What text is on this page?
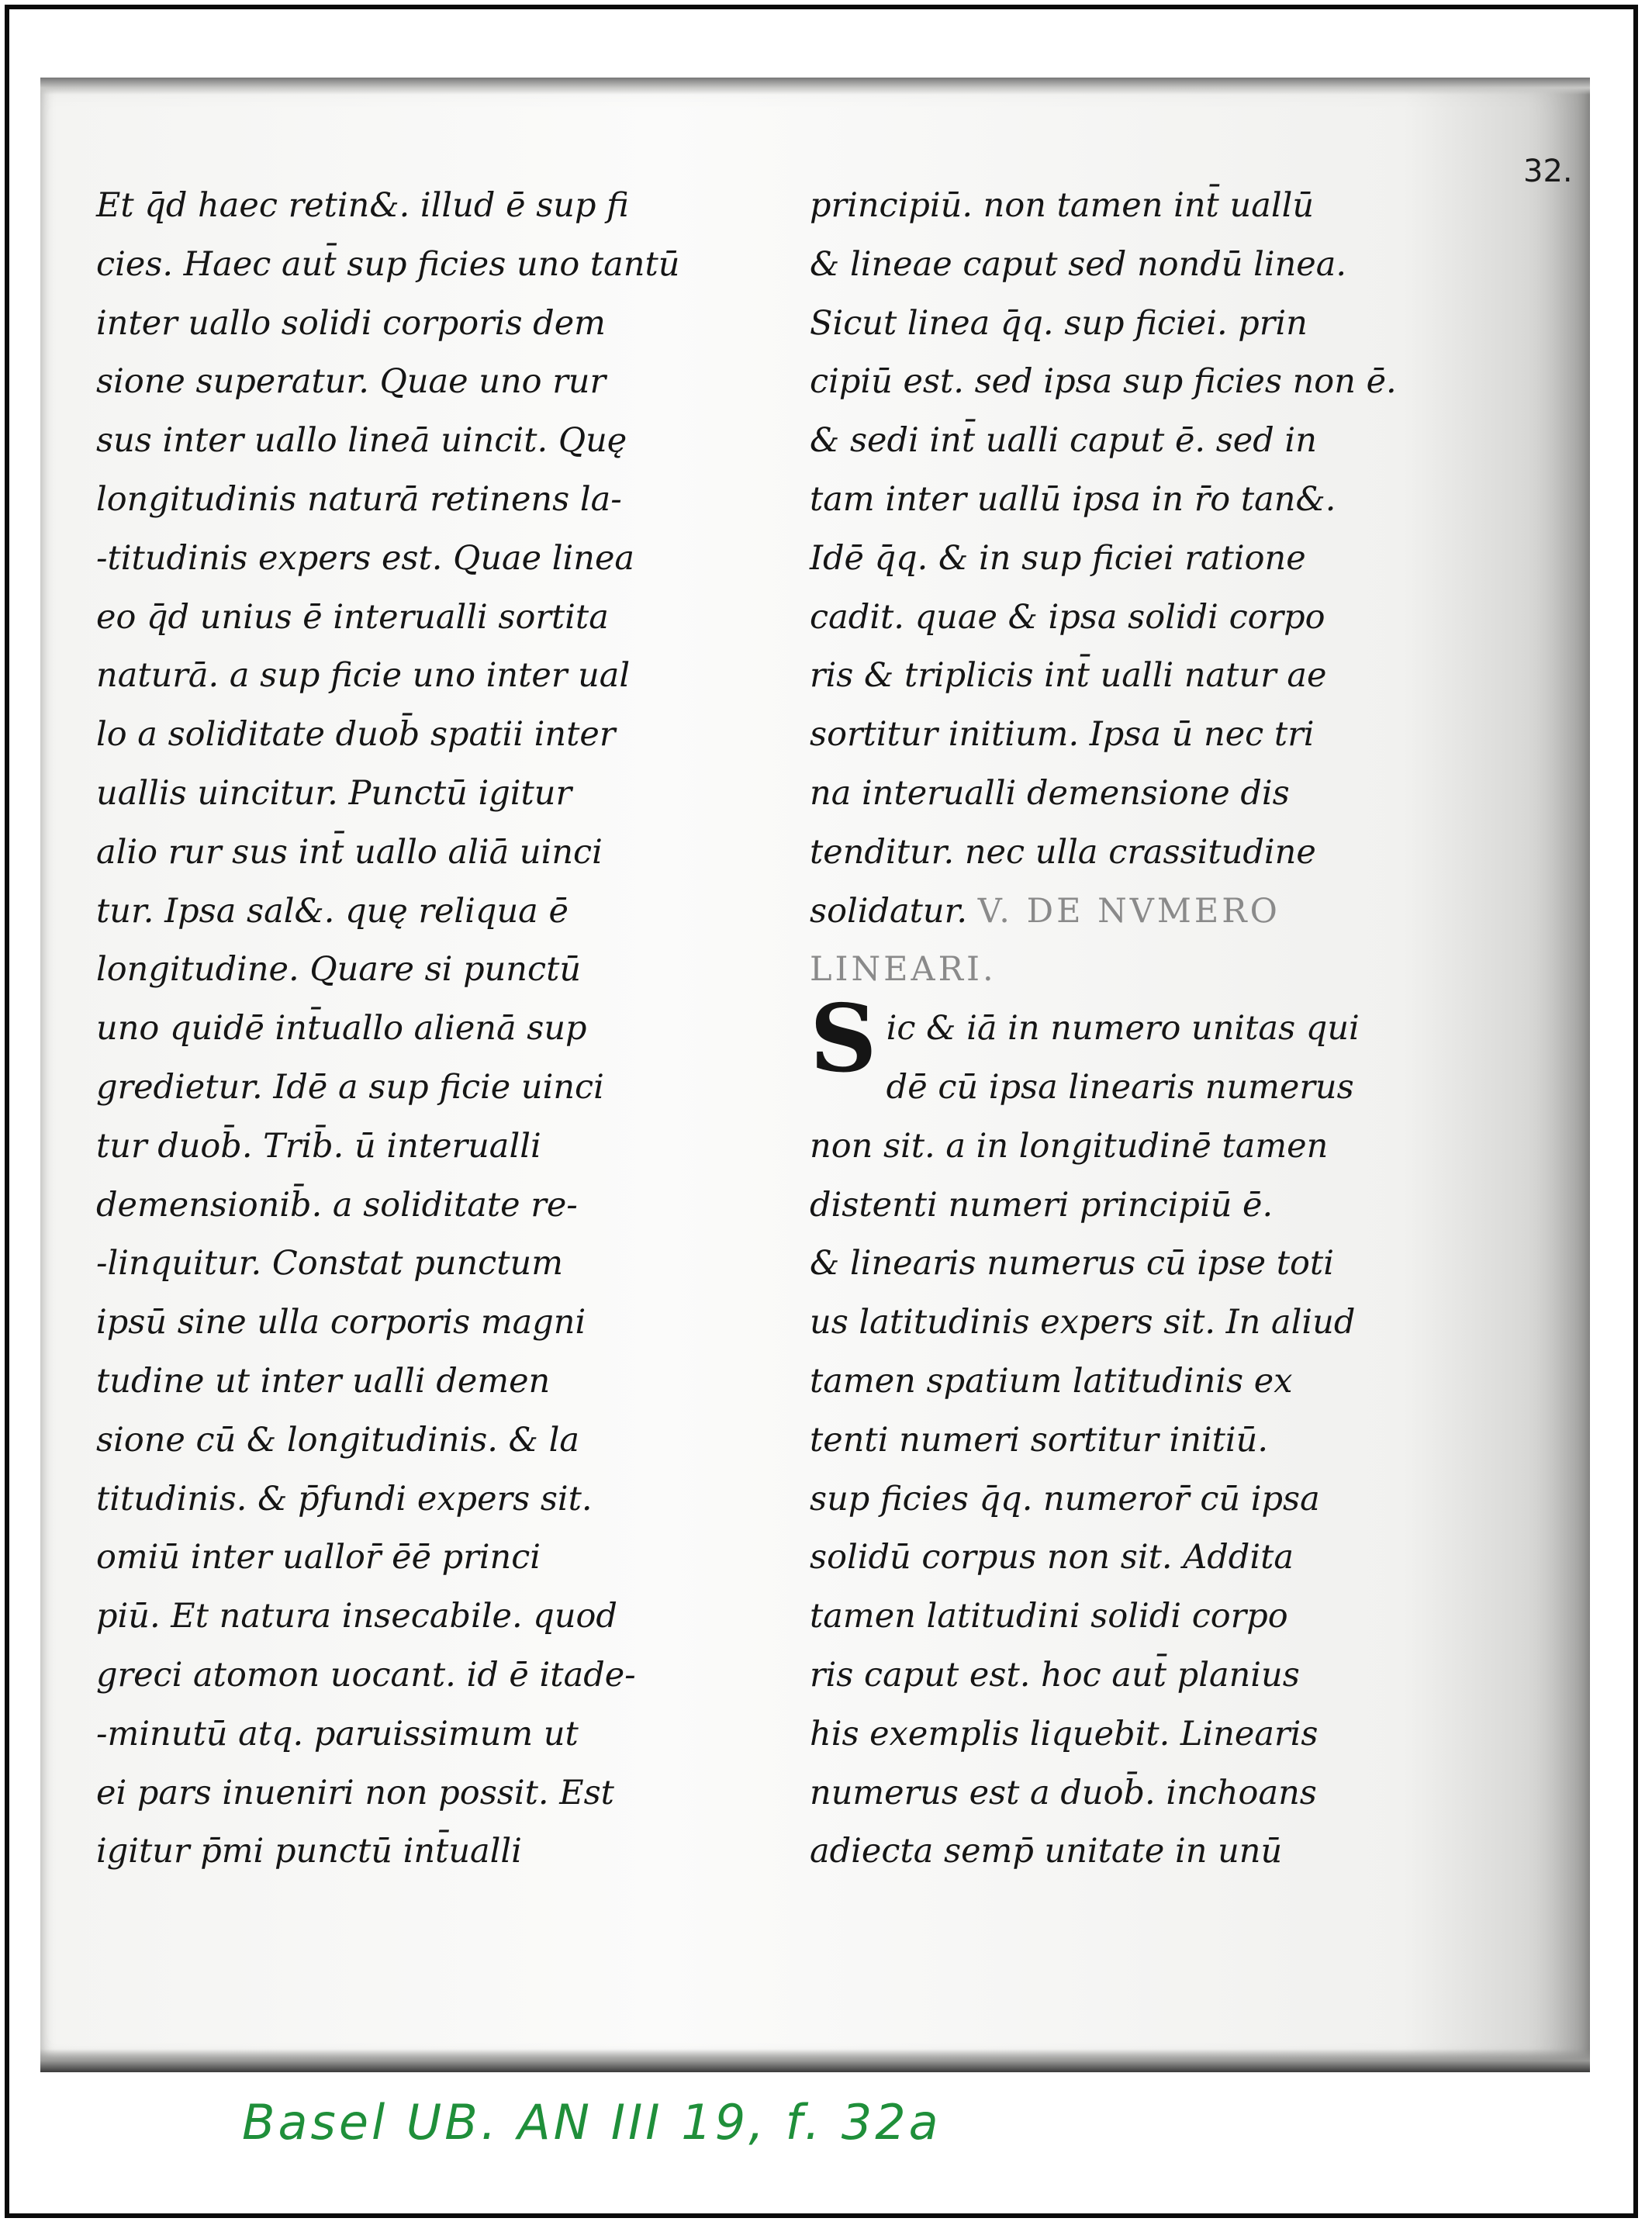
32.
Et q̄d haec retin&. illud ē sup fi
cies. Haec aut̄ sup ficies uno tantū
inter uallo solidi corporis dem
sione superatur. Quae uno rur
sus inter uallo lineā uincit. Quę
longitudinis naturā retinens la-
-titudinis expers est. Quae linea
eo q̄d unius ē interualli sortita
naturā. a sup ficie uno inter ual
lo a soliditate duob̄ spatii inter
uallis uincitur. Punctū igitur
alio rur sus int̄ uallo aliā uinci
tur. Ipsa sal&. quę reliqua ē
longitudine. Quare si punctū
uno quidē int̄uallo alienā sup
gredietur. Idē a sup ficie uinci
tur duob̄. Trib̄. ū interualli
demensionib̄. a soliditate re-
-linquitur. Constat punctum
ipsū sine ulla corporis magni
tudine ut inter ualli demen
sione cū & longitudinis. & la
titudinis. & p̄fundi expers sit.
omiū inter uallor̄ ēē princi
piū. Et natura insecabile. quod
greci atomon uocant. id ē itade-
-minutū atq. paruissimum ut
ei pars inueniri non possit. Est
igitur p̄mi punctū int̄ualli
principiū. non tamen int̄ uallū
& lineae caput sed nondū linea.
Sicut linea q̄q. sup ficiei. prin
cipiū est. sed ipsa sup ficies non ē.
& sedi int̄ ualli caput ē. sed in
tam inter uallū ipsa in r̄o tan&.
Idē q̄q. & in sup ficiei ratione
cadit. quae & ipsa solidi corpo
ris & triplicis int̄ ualli natur ae
sortitur initium. Ipsa ū nec tri
na interualli demensione dis
tenditur. nec ulla crassitudine
solidatur. V. DE NVMERO
LINEARI.
S ic & iā in numero unitas qui
dē cū ipsa linearis numerus
non sit. a in longitudinē tamen
distenti numeri principiū ē.
& linearis numerus cū ipse toti
us latitudinis expers sit. In aliud
tamen spatium latitudinis ex
tenti numeri sortitur initiū.
sup ficies q̄q. numeror̄ cū ipsa
solidū corpus non sit. Addita
tamen latitudini solidi corpo
ris caput est. hoc aut̄ planius
his exemplis liquebit. Linearis
numerus est a duob̄. inchoans
adiecta semp̄ unitate in unū
Basel UB. AN III 19, f. 32a
